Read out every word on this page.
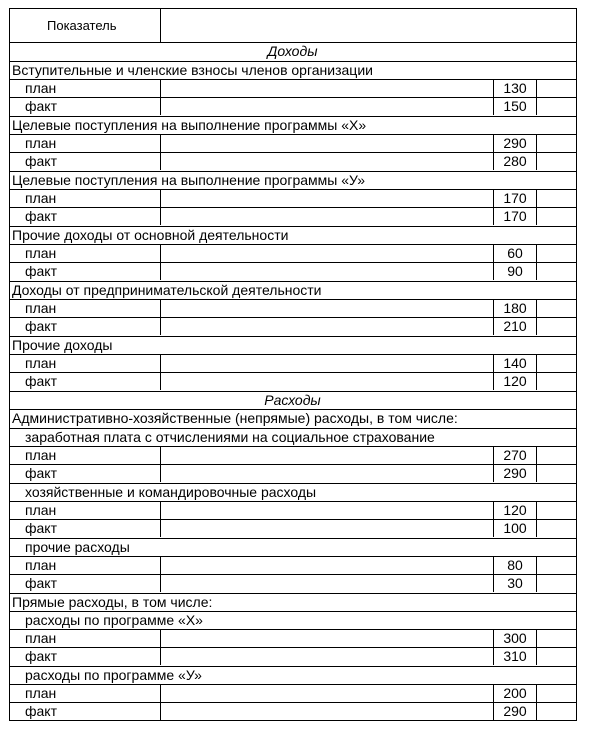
Показатель
Доходы
Вступительные и членские взносы членов организации
план	130
факт	150
Целевые поступления на выполнение программы «Х»
план	290
факт	280
Целевые поступления на выполнение программы «У»
план	170
факт	170
Прочие доходы от основной деятельности
план	60
факт	90
Доходы от предпринимательской деятельности
план	180
факт	210
Прочие доходы
план	140
факт	120
Расходы
Административно-хозяйственные (непрямые) расходы, в том числе:
заработная плата с отчислениями на социальное страхование
план	270
факт	290
хозяйственные и командировочные расходы
план	120
факт	100
прочие расходы
план	80
факт	30
Прямые расходы, в том числе:
расходы по программе «Х»
план	300
факт	310
расходы по программе «У»
план	200
факт	290
